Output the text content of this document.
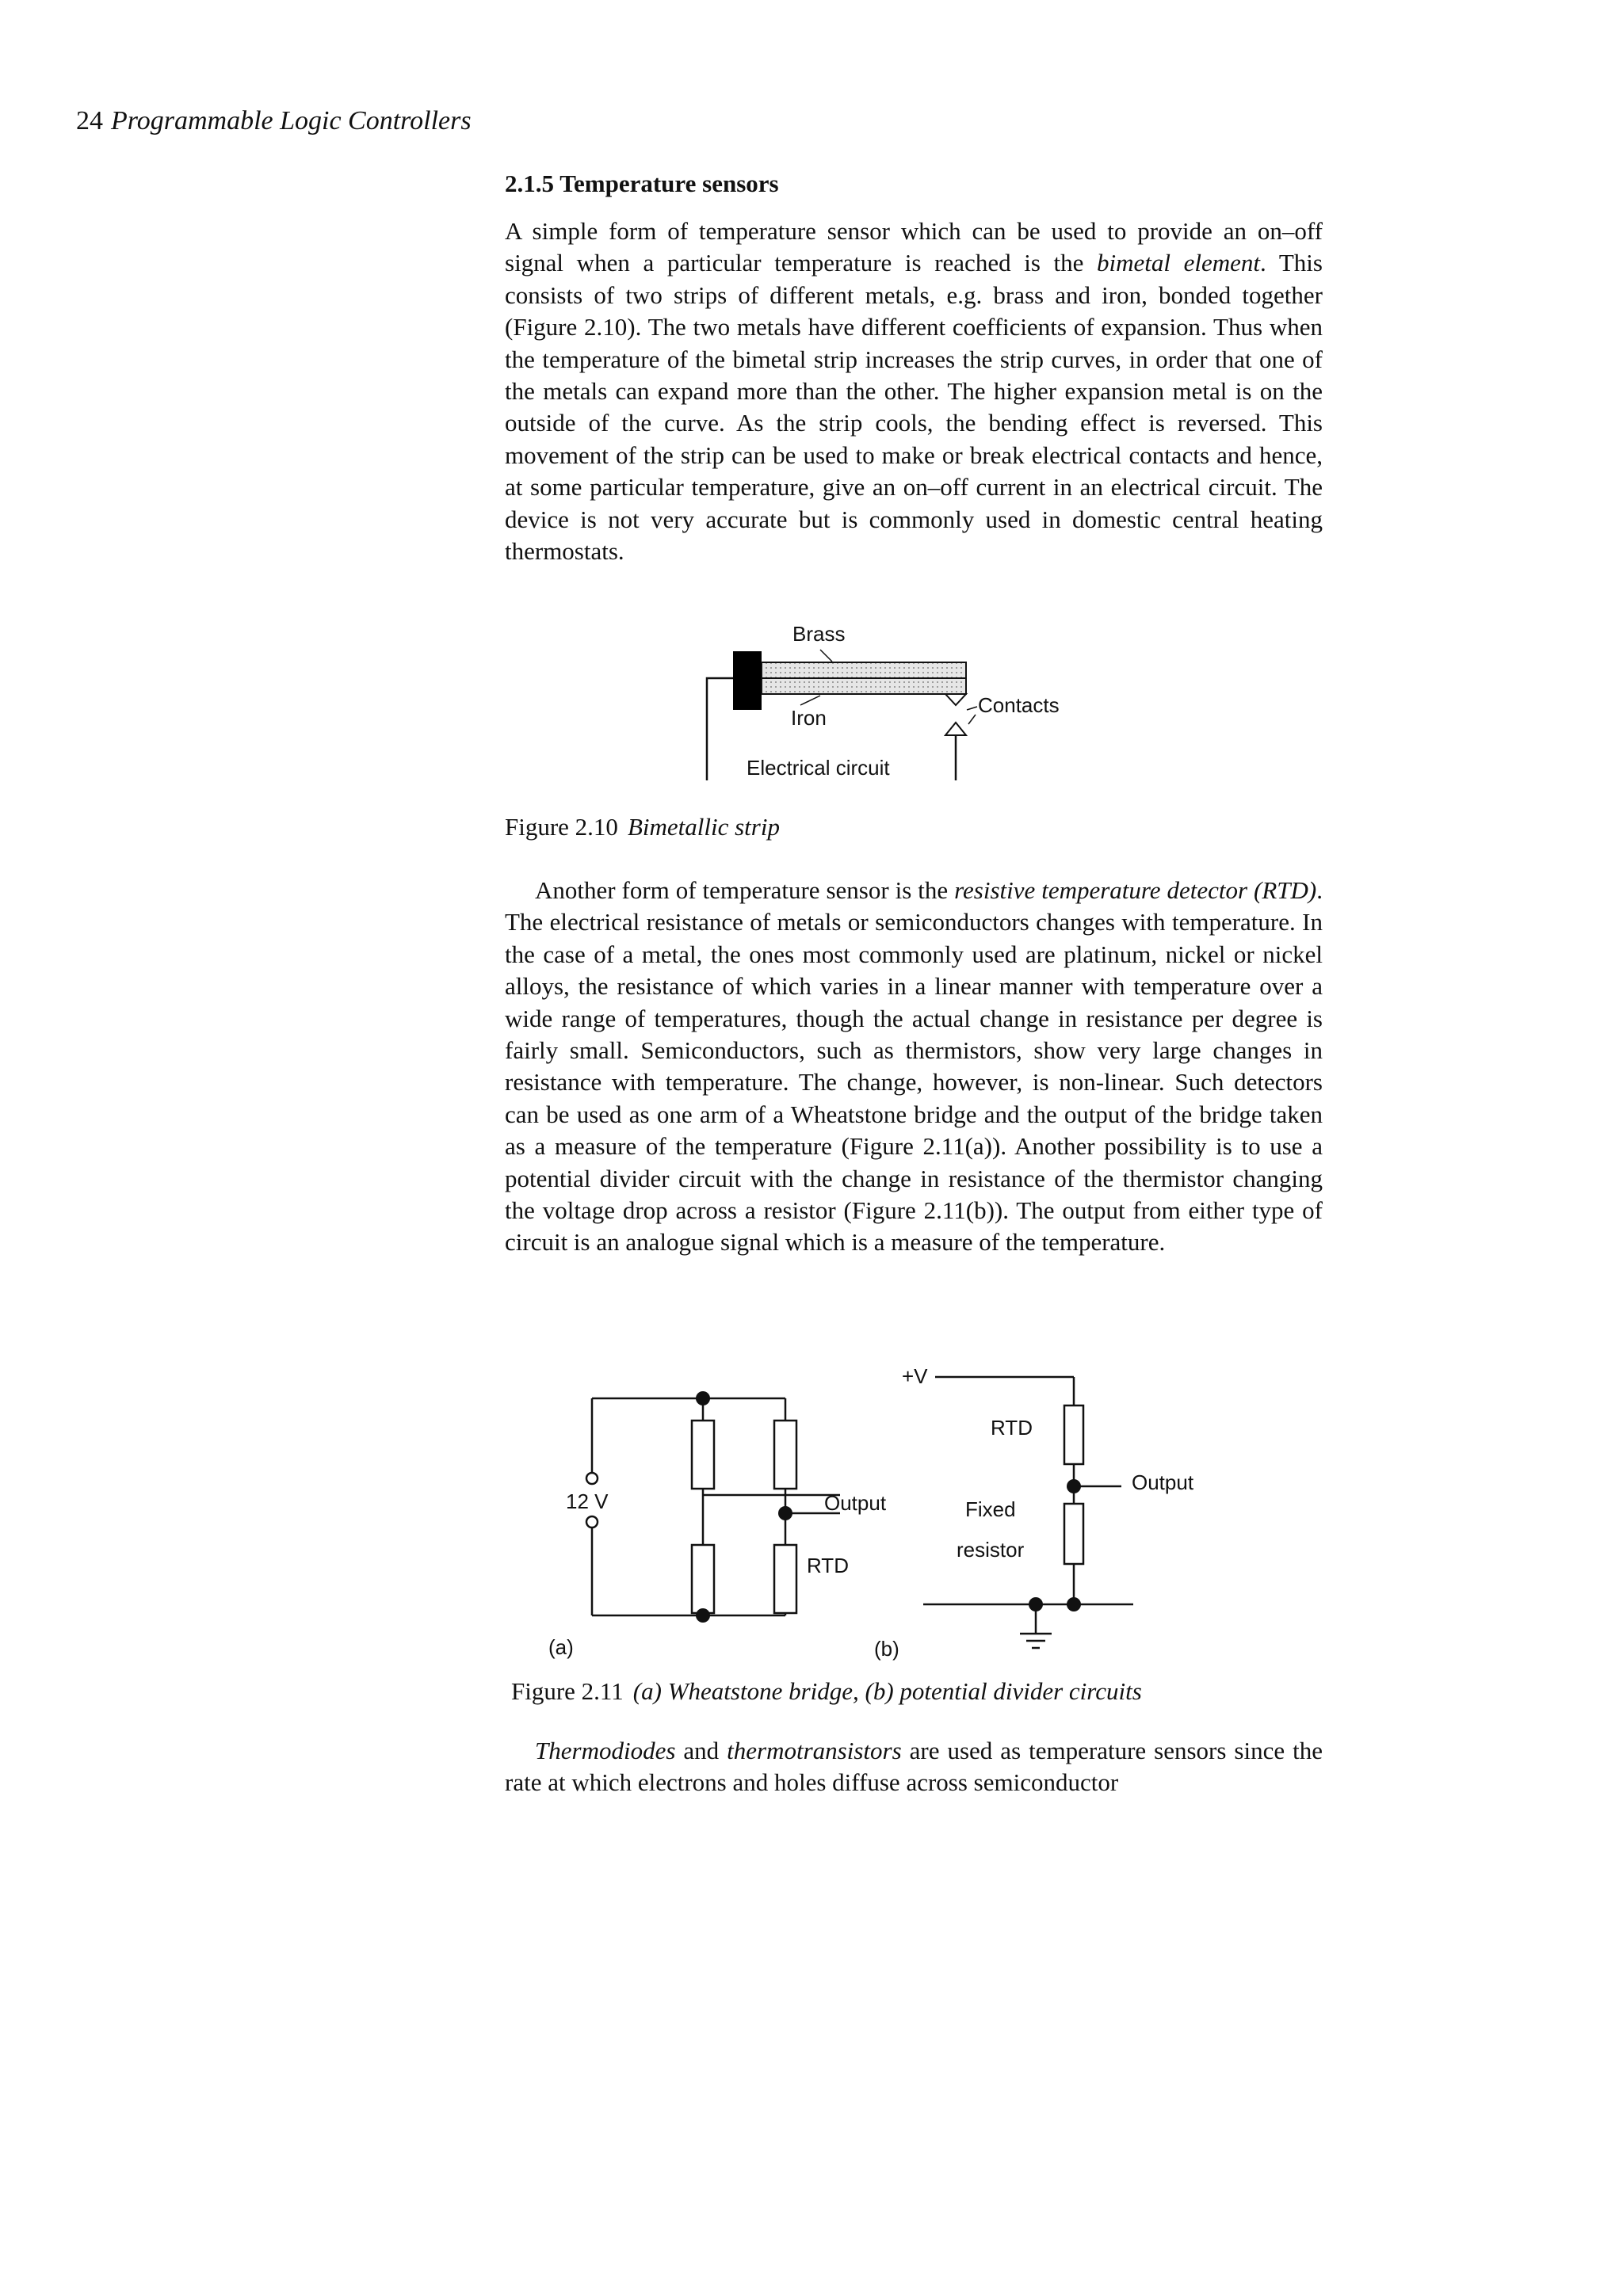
24 Programmable Logic Controllers
2.1.5 Temperature sensors

A simple form of temperature sensor which can be used to provide an on–off signal when a particular temperature is reached is the bimetal element. This consists of two strips of different metals, e.g. brass and iron, bonded together (Figure 2.10). The two metals have different coefficients of expansion. Thus when the temperature of the bimetal strip increases the strip curves, in order that one of the metals can expand more than the other. The higher expansion metal is on the outside of the curve. As the strip cools, the bending effect is reversed. This movement of the strip can be used to make or break electrical contacts and hence, at some particular temperature, give an on–off current in an electrical circuit. The device is not very accurate but is commonly used in domestic central heating thermostats.

Brass
Iron
Contacts
Electrical circuit
Figure 2.10 Bimetallic strip

Another form of temperature sensor is the resistive temperature detector (RTD). The electrical resistance of metals or semiconductors changes with temperature. In the case of a metal, the ones most commonly used are platinum, nickel or nickel alloys, the resistance of which varies in a linear manner with temperature over a wide range of temperatures, though the actual change in resistance per degree is fairly small. Semiconductors, such as thermistors, show very large changes in resistance with temperature. The change, however, is non-linear. Such detectors can be used as one arm of a Wheatstone bridge and the output of the bridge taken as a measure of the temperature (Figure 2.11(a)). Another possibility is to use a potential divider circuit with the change in resistance of the thermistor changing the voltage drop across a resistor (Figure 2.11(b)). The output from either type of circuit is an analogue signal which is a measure of the temperature.

12 V	Output
RTD
(a)
+V
RTD
Output
Fixed
resistor
(b)
Figure 2.11 (a) Wheatstone bridge, (b) potential divider circuits

Thermodiodes and thermotransistors are used as temperature sensors since the rate at which electrons and holes diffuse across semiconductor
